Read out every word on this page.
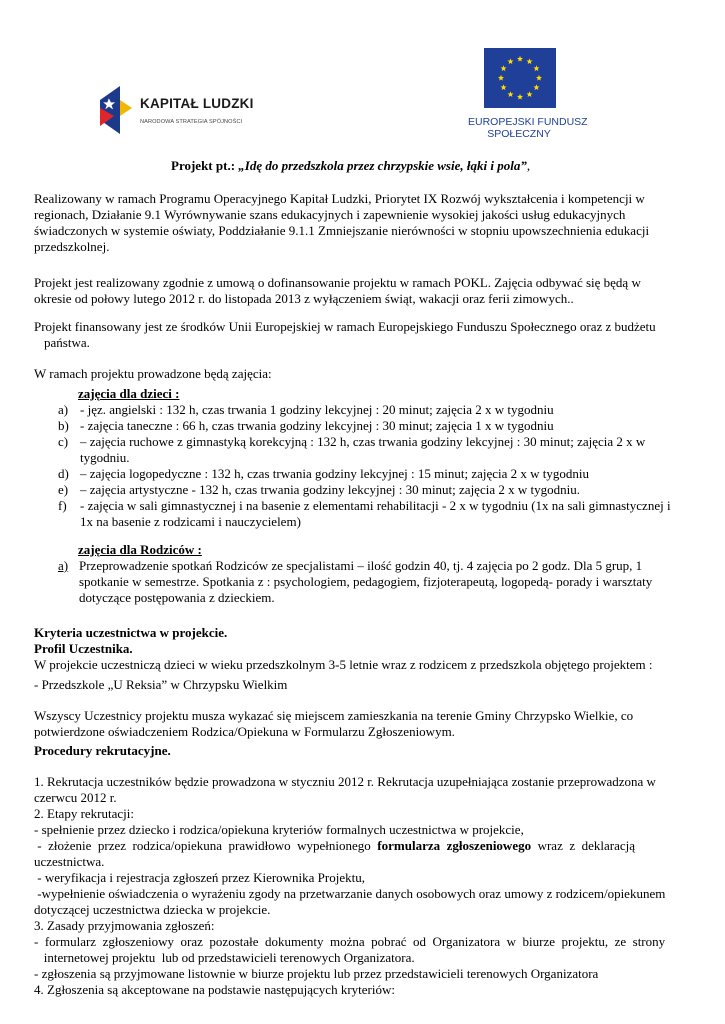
KAPITAŁ LUDZKI
NARODOWA STRATEGIA SPÓJNOŚCI	EUROPEJSKI FUNDUSZ
SPOŁECZNY
Projekt pt.: „Idę do przedszkola przez chrzypskie wsie, łąki i pola”,
Realizowany w ramach Programu Operacyjnego Kapitał Ludzki, Priorytet IX Rozwój wykształcenia i kompetencji w
regionach, Działanie 9.1 Wyrównywanie szans edukacyjnych i zapewnienie wysokiej jakości usług edukacyjnych
świadczonych w systemie oświaty, Poddziałanie 9.1.1 Zmniejszanie nierówności w stopniu upowszechnienia edukacji
przedszkolnej.
Projekt jest realizowany zgodnie z umową o dofinansowanie projektu w ramach POKL. Zajęcia odbywać się będą w
okresie od połowy lutego 2012 r. do listopada 2013 z wyłączeniem świąt, wakacji oraz ferii zimowych..
Projekt finansowany jest ze środków Unii Europejskiej w ramach Europejskiego Funduszu Społecznego oraz z budżetu
państwa.
W ramach projektu prowadzone będą zajęcia:
zajęcia dla dzieci :
a) - jęz. angielski : 132 h, czas trwania 1 godziny lekcyjnej : 20 minut; zajęcia 2 x w tygodniu
b) - zajęcia taneczne : 66 h, czas trwania godziny lekcyjnej : 30 minut; zajęcia 1 x w tygodniu
c) – zajęcia ruchowe z gimnastyką korekcyjną : 132 h, czas trwania godziny lekcyjnej : 30 minut; zajęcia 2 x w
tygodniu.
d) – zajęcia logopedyczne : 132 h, czas trwania godziny lekcyjnej : 15 minut; zajęcia 2 x w tygodniu
e) – zajęcia artystyczne - 132 h, czas trwania godziny lekcyjnej : 30 minut; zajęcia 2 x w tygodniu.
f) - zajęcia w sali gimnastycznej i na basenie z elementami rehabilitacji - 2 x w tygodniu (1x na sali gimnastycznej i
1x na basenie z rodzicami i nauczycielem)
zajęcia dla Rodziców :
a) Przeprowadzenie spotkań Rodziców ze specjalistami – ilość godzin 40, tj. 4 zajęcia po 2 godz. Dla 5 grup, 1
spotkanie w semestrze. Spotkania z : psychologiem, pedagogiem, fizjoterapeutą, logopedą- porady i warsztaty
dotyczące postępowania z dzieckiem.
Kryteria uczestnictwa w projekcie.
Profil Uczestnika.
W projekcie uczestniczą dzieci w wieku przedszkolnym 3-5 letnie wraz z rodzicem z przedszkola objętego projektem :
- Przedszkole „U Reksia” w Chrzypsku Wielkim
Wszyscy Uczestnicy projektu musza wykazać się miejscem zamieszkania na terenie Gminy Chrzypsko Wielkie, co
potwierdzone oświadczeniem Rodzica/Opiekuna w Formularzu Zgłoszeniowym.
Procedury rekrutacyjne.
1. Rekrutacja uczestników będzie prowadzona w styczniu 2012 r. Rekrutacja uzupełniająca zostanie przeprowadzona w
czerwcu 2012 r.
2. Etapy rekrutacji:
- spełnienie przez dziecko i rodzica/opiekuna kryteriów formalnych uczestnictwa w projekcie,
-  złożenie  przez  rodzica/opiekuna  prawidłowo  wypełnionego  formularza  zgłoszeniowego  wraz  z  deklaracją
uczestnictwa.
- weryfikacja i rejestracja zgłoszeń przez Kierownika Projektu,
-wypełnienie oświadczenia o wyrażeniu zgody na przetwarzanie danych osobowych oraz umowy z rodzicem/opiekunem
dotyczącej uczestnictwa dziecka w projekcie.
3. Zasady przyjmowania zgłoszeń:
-  formularz  zgłoszeniowy  oraz  pozostałe  dokumenty  można  pobrać  od  Organizatora  w  biurze  projektu,  ze  strony
internetowej projektu  lub od przedstawicieli terenowych Organizatora.
- zgłoszenia są przyjmowane listownie w biurze projektu lub przez przedstawicieli terenowych Organizatora
4. Zgłoszenia są akceptowane na podstawie następujących kryteriów:
